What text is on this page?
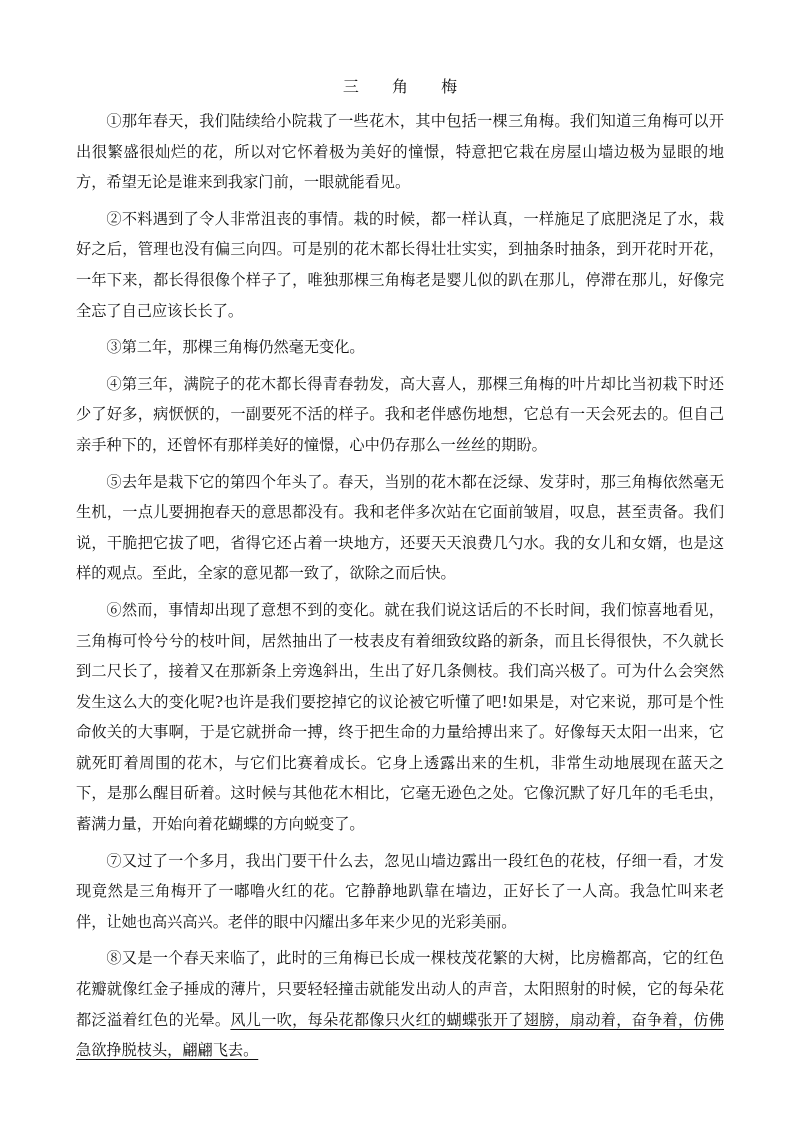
三 角 梅

①那年春天，我们陆续给小院栽了一些花木，其中包括一棵三角梅。我们知道三角梅可以开出很繁盛很灿烂的花，所以对它怀着极为美好的憧憬，特意把它栽在房屋山墙边极为显眼的地方，希望无论是谁来到我家门前，一眼就能看见。

②不料遇到了令人非常沮丧的事情。栽的时候，都一样认真，一样施足了底肥浇足了水，栽好之后，管理也没有偏三向四。可是别的花木都长得壮壮实实，到抽条时抽条，到开花时开花，一年下来，都长得很像个样子了，唯独那棵三角梅老是婴儿似的趴在那儿，停滞在那儿，好像完全忘了自己应该长长了。

③第二年，那棵三角梅仍然毫无变化。

④第三年，满院子的花木都长得青春勃发，高大喜人，那棵三角梅的叶片却比当初栽下时还少了好多，病恹恹的，一副要死不活的样子。我和老伴感伤地想，它总有一天会死去的。但自己亲手种下的，还曾怀有那样美好的憧憬，心中仍存那么一丝丝的期盼。

⑤去年是栽下它的第四个年头了。春天，当别的花木都在泛绿、发芽时，那三角梅依然毫无生机，一点儿要拥抱春天的意思都没有。我和老伴多次站在它面前皱眉，叹息，甚至责备。我们说，干脆把它拔了吧，省得它还占着一块地方，还要天天浪费几勺水。我的女儿和女婿，也是这样的观点。至此，全家的意见都一致了，欲除之而后快。

⑥然而，事情却出现了意想不到的变化。就在我们说这话后的不长时间，我们惊喜地看见，三角梅可怜兮兮的枝叶间，居然抽出了一枝表皮有着细致纹路的新条，而且长得很快，不久就长到二尺长了，接着又在那新条上旁逸斜出，生出了好几条侧枝。我们高兴极了。可为什么会突然发生这么大的变化呢?也许是我们要挖掉它的议论被它听懂了吧!如果是，对它来说，那可是个性命攸关的大事啊，于是它就拼命一搏，终于把生命的力量给搏出来了。好像每天太阳一出来，它就死盯着周围的花木，与它们比赛着成长。它身上透露出来的生机，非常生动地展现在蓝天之下，是那么醒目斫着。这时候与其他花木相比，它毫无逊色之处。它像沉默了好几年的毛毛虫，蓄满力量，开始向着花蝴蝶的方向蜕变了。

⑦又过了一个多月，我出门要干什么去，忽见山墙边露出一段红色的花枝，仔细一看，才发现竟然是三角梅开了一嘟噜火红的花。它静静地趴靠在墙边，正好长了一人高。我急忙叫来老伴，让她也高兴高兴。老伴的眼中闪耀出多年来少见的光彩美丽。

⑧又是一个春天来临了，此时的三角梅已长成一棵枝茂花繁的大树，比房檐都高，它的红色花瓣就像红金子捶成的薄片，只要轻轻撞击就能发出动人的声音，太阳照射的时候，它的每朵花都泛溢着红色的光晕。风儿一吹，每朵花都像只火红的蝴蝶张开了翅膀，扇动着，奋争着，仿佛急欲挣脱枝头，翩翩飞去。
